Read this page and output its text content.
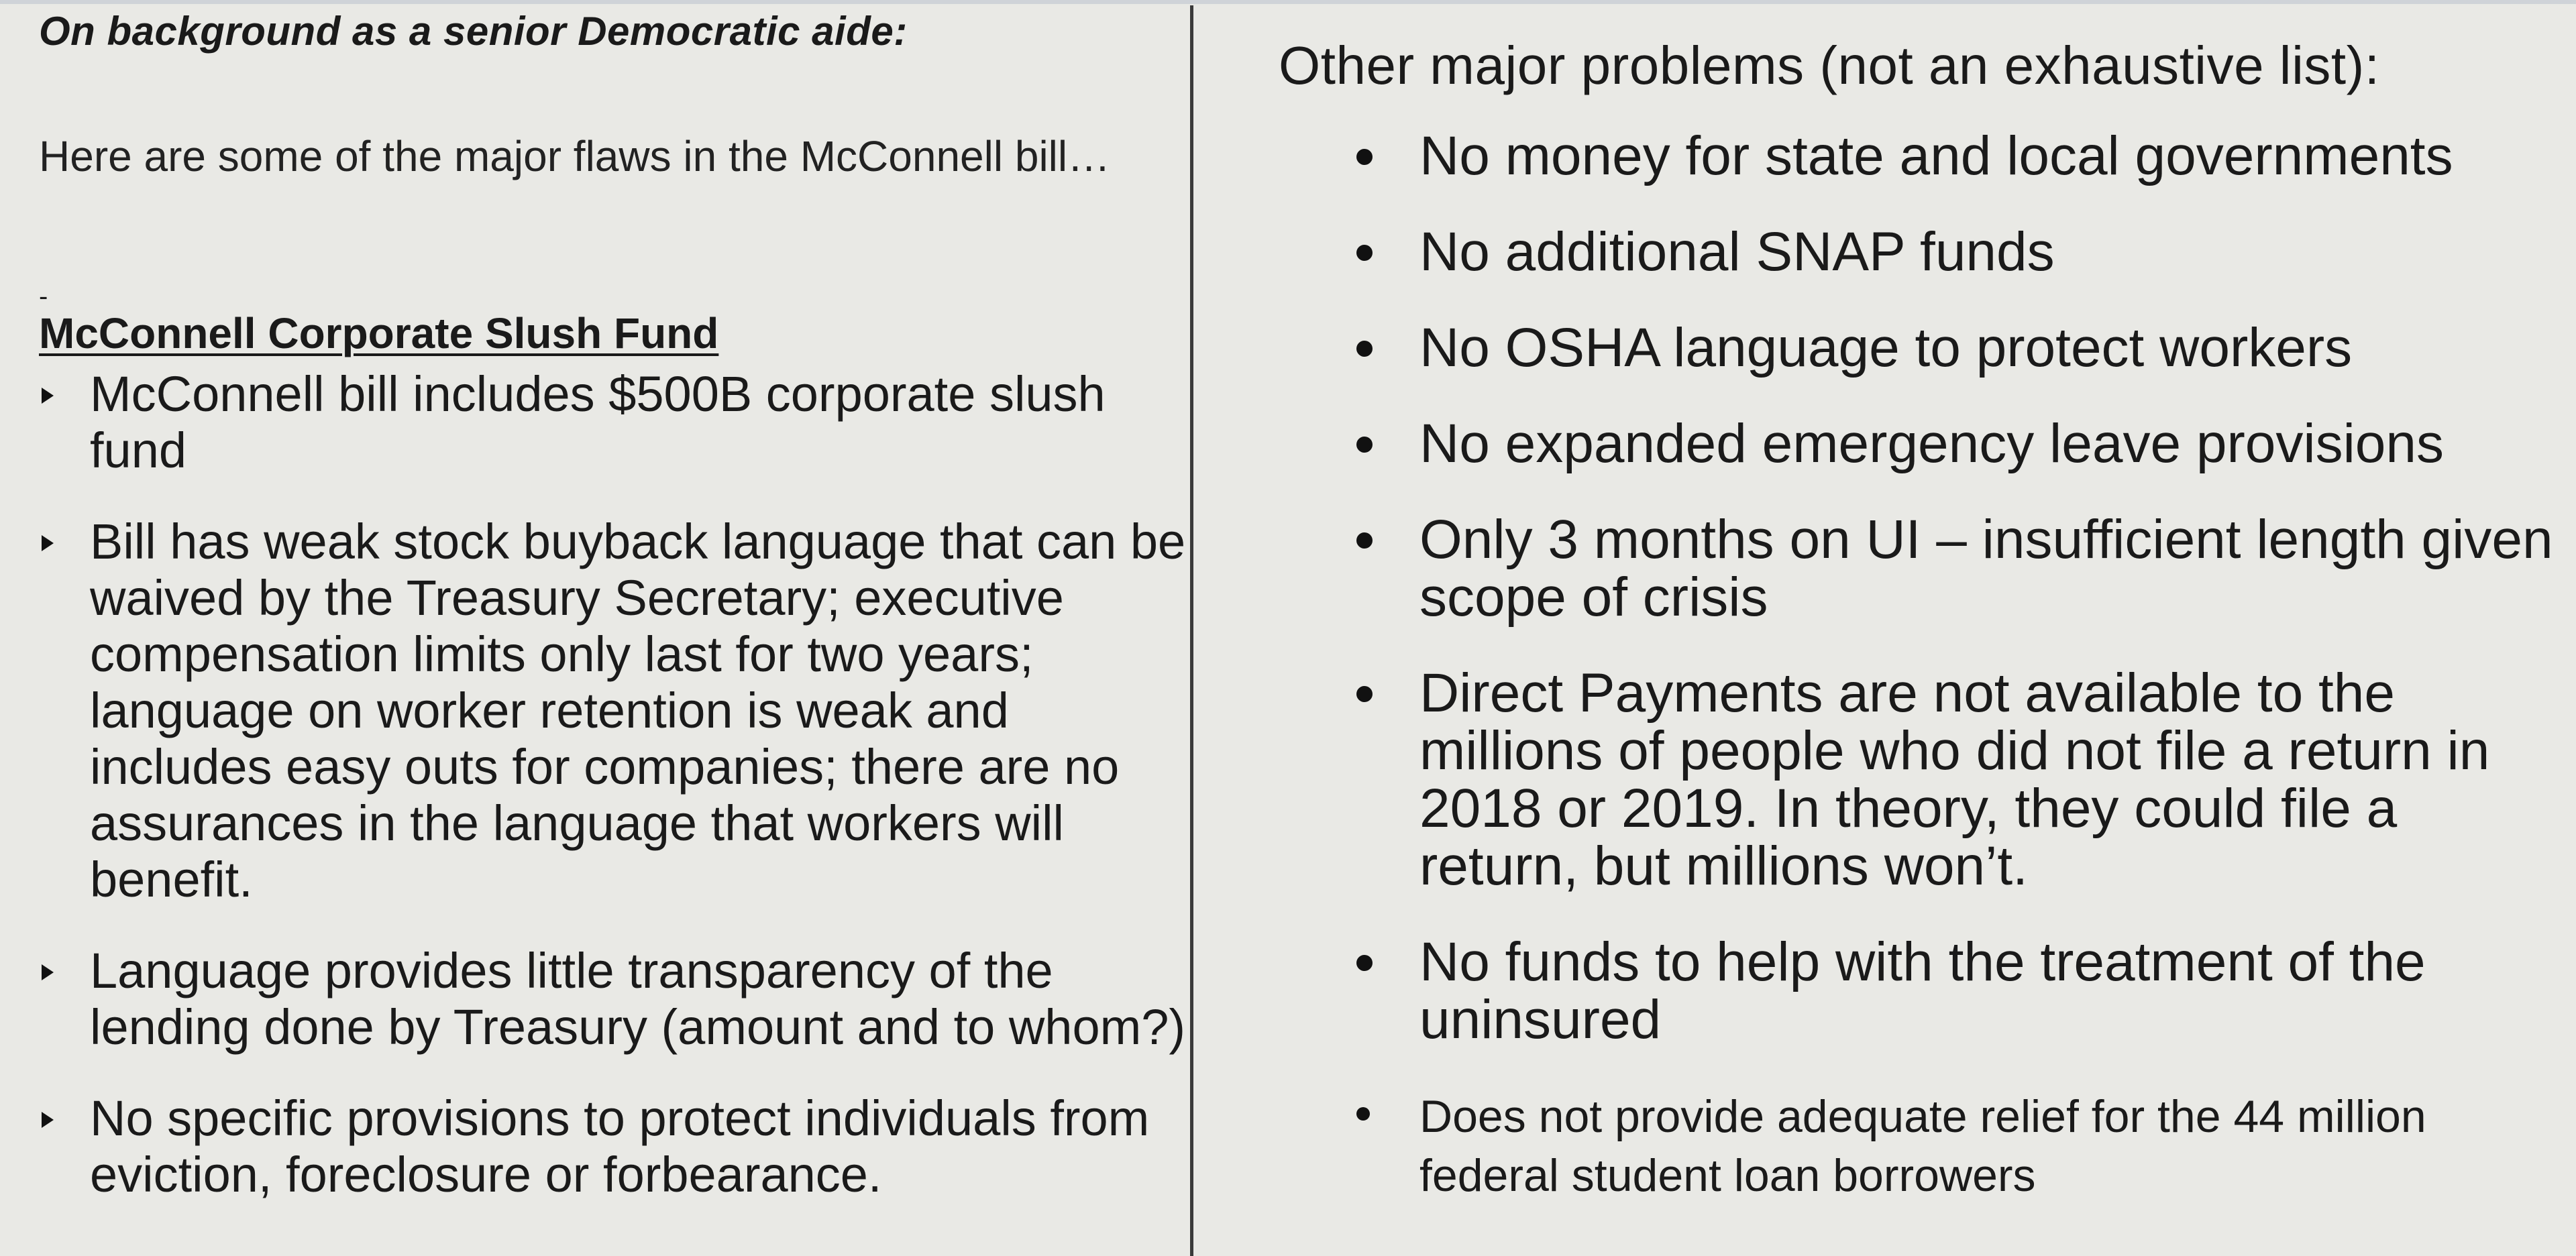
On background as a senior Democratic aide:
Here are some of the major flaws in the McConnell bill…
-
McConnell Corporate Slush Fund
McConnell bill includes $500B corporate slush fund
Bill has weak stock buyback language that can be waived by the Treasury Secretary; executive compensation limits only last for two years; language on worker retention is weak and includes easy outs for companies; there are no assurances in the language that workers will benefit.
Language provides little transparency of the lending done by Treasury (amount and to whom?)
No specific provisions to protect individuals from eviction, foreclosure or forbearance.
Other major problems (not an exhaustive list):
No money for state and local governments
No additional SNAP funds
No OSHA language to protect workers
No expanded emergency leave provisions
Only 3 months on UI – insufficient length given scope of crisis
Direct Payments are not available to the millions of people who did not file a return in 2018 or 2019. In theory, they could file a return, but millions won’t.
No funds to help with the treatment of the uninsured
Does not provide adequate relief for the 44 million federal student loan borrowers
